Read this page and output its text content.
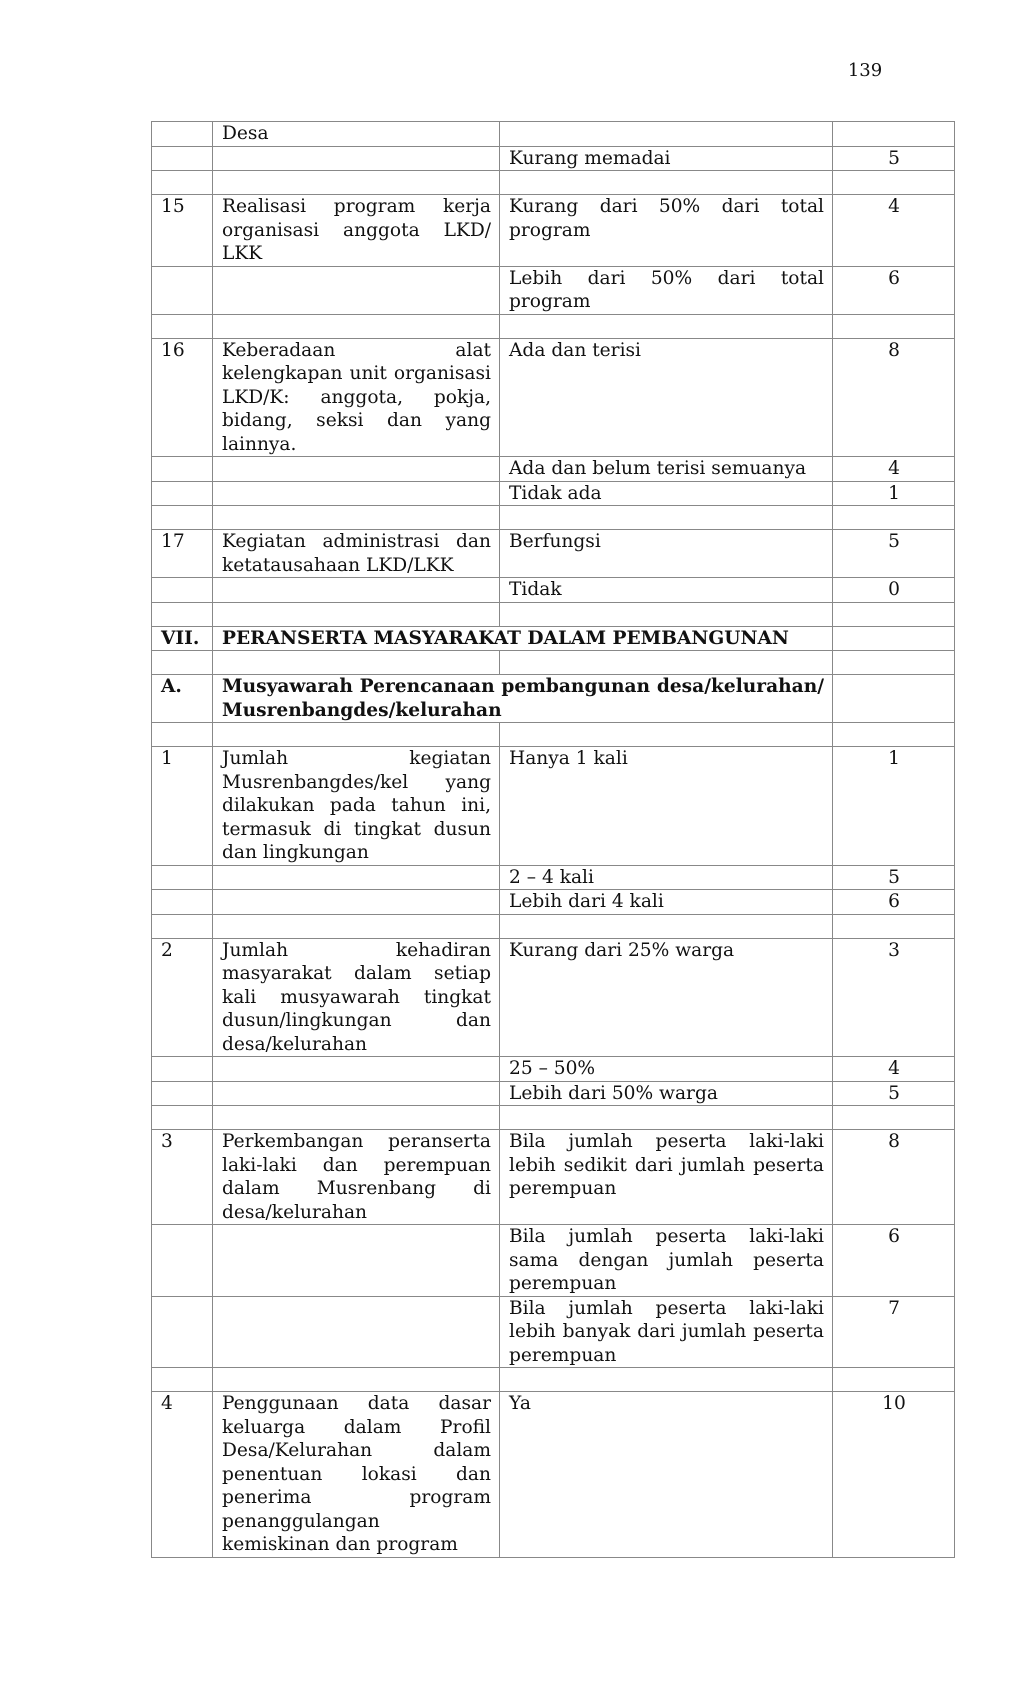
139
	Desa		
		Kurang memadai	5

15	Realisasi program kerja organisasi anggota LKD/ LKK	Kurang dari 50% dari total program	4
		Lebih dari 50% dari total program	6

16	Keberadaan alat kelengkapan unit organisasi LKD/K: anggota, pokja, bidang, seksi dan yang lainnya.	Ada dan terisi	8
		Ada dan belum terisi semuanya	4
		Tidak ada	1

17	Kegiatan administrasi dan ketatausahaan LKD/LKK	Berfungsi	5
		Tidak	0

VII.	PERANSERTA MASYARAKAT DALAM PEMBANGUNAN		

A.	Musyawarah Perencanaan pembangunan desa/kelurahan/ Musrenbangdes/kelurahan		

1	Jumlah kegiatan Musrenbangdes/kel yang dilakukan pada tahun ini, termasuk di tingkat dusun dan lingkungan	Hanya 1 kali	1
		2 – 4 kali	5
		Lebih dari 4 kali	6

2	Jumlah kehadiran masyarakat dalam setiap kali musyawarah tingkat dusun/lingkungan dan desa/kelurahan	Kurang dari 25% warga	3
		25 – 50%	4
		Lebih dari 50% warga	5

3	Perkembangan peranserta laki-laki dan perempuan dalam Musrenbang di desa/kelurahan	Bila jumlah peserta laki-laki lebih sedikit dari jumlah peserta perempuan	8
		Bila jumlah peserta laki-laki sama dengan jumlah peserta perempuan	6
		Bila jumlah peserta laki-laki lebih banyak dari jumlah peserta perempuan	7

4	Penggunaan data dasar keluarga dalam Profil Desa/Kelurahan dalam penentuan lokasi dan penerima program penanggulangan kemiskinan dan program	Ya	10
